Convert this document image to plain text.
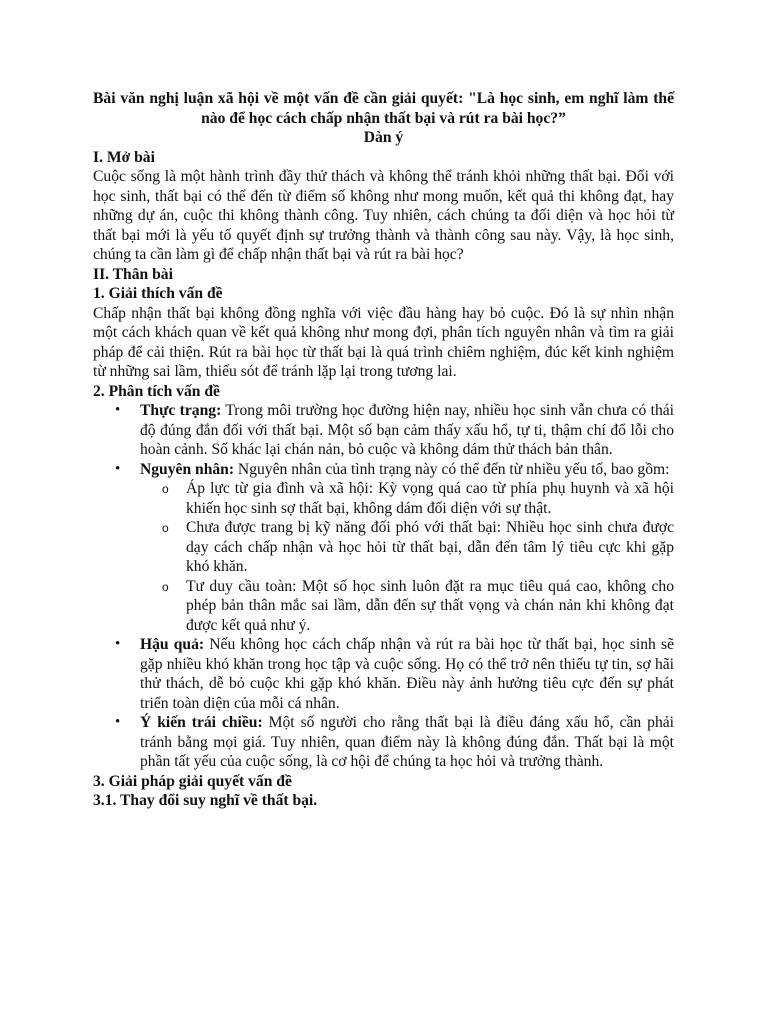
Bài văn nghị luận xã hội về một vấn đề cần giải quyết: "Là học sinh, em nghĩ làm thế nào để học cách chấp nhận thất bại và rút ra bài học?”

Dàn ý

I. Mở bài

Cuộc sống là một hành trình đầy thử thách và không thể tránh khỏi những thất bại. Đối với học sinh, thất bại có thể đến từ điểm số không như mong muốn, kết quả thi không đạt, hay những dự án, cuộc thi không thành công. Tuy nhiên, cách chúng ta đối diện và học hỏi từ thất bại mới là yếu tố quyết định sự trưởng thành và thành công sau này. Vậy, là học sinh, chúng ta cần làm gì để chấp nhận thất bại và rút ra bài học?

II. Thân bài

1. Giải thích vấn đề

Chấp nhận thất bại không đồng nghĩa với việc đầu hàng hay bỏ cuộc. Đó là sự nhìn nhận một cách khách quan về kết quả không như mong đợi, phân tích nguyên nhân và tìm ra giải pháp để cải thiện. Rút ra bài học từ thất bại là quá trình chiêm nghiệm, đúc kết kinh nghiệm từ những sai lầm, thiếu sót để tránh lặp lại trong tương lai.

2. Phân tích vấn đề

• Thực trạng: Trong môi trường học đường hiện nay, nhiều học sinh vẫn chưa có thái độ đúng đắn đối với thất bại. Một số bạn cảm thấy xấu hổ, tự ti, thậm chí đổ lỗi cho hoàn cảnh. Số khác lại chán nản, bỏ cuộc và không dám thử thách bản thân.
• Nguyên nhân: Nguyên nhân của tình trạng này có thể đến từ nhiều yếu tố, bao gồm:
o Áp lực từ gia đình và xã hội: Kỳ vọng quá cao từ phía phụ huynh và xã hội khiến học sinh sợ thất bại, không dám đối diện với sự thật.
o Chưa được trang bị kỹ năng đối phó với thất bại: Nhiều học sinh chưa được dạy cách chấp nhận và học hỏi từ thất bại, dẫn đến tâm lý tiêu cực khi gặp khó khăn.
o Tư duy cầu toàn: Một số học sinh luôn đặt ra mục tiêu quá cao, không cho phép bản thân mắc sai lầm, dẫn đến sự thất vọng và chán nản khi không đạt được kết quả như ý.
• Hậu quả: Nếu không học cách chấp nhận và rút ra bài học từ thất bại, học sinh sẽ gặp nhiều khó khăn trong học tập và cuộc sống. Họ có thể trở nên thiếu tự tin, sợ hãi thử thách, dễ bỏ cuộc khi gặp khó khăn. Điều này ảnh hưởng tiêu cực đến sự phát triển toàn diện của mỗi cá nhân.
• Ý kiến trái chiều: Một số người cho rằng thất bại là điều đáng xấu hổ, cần phải tránh bằng mọi giá. Tuy nhiên, quan điểm này là không đúng đắn. Thất bại là một phần tất yếu của cuộc sống, là cơ hội để chúng ta học hỏi và trưởng thành.

3. Giải pháp giải quyết vấn đề

3.1. Thay đổi suy nghĩ về thất bại.
